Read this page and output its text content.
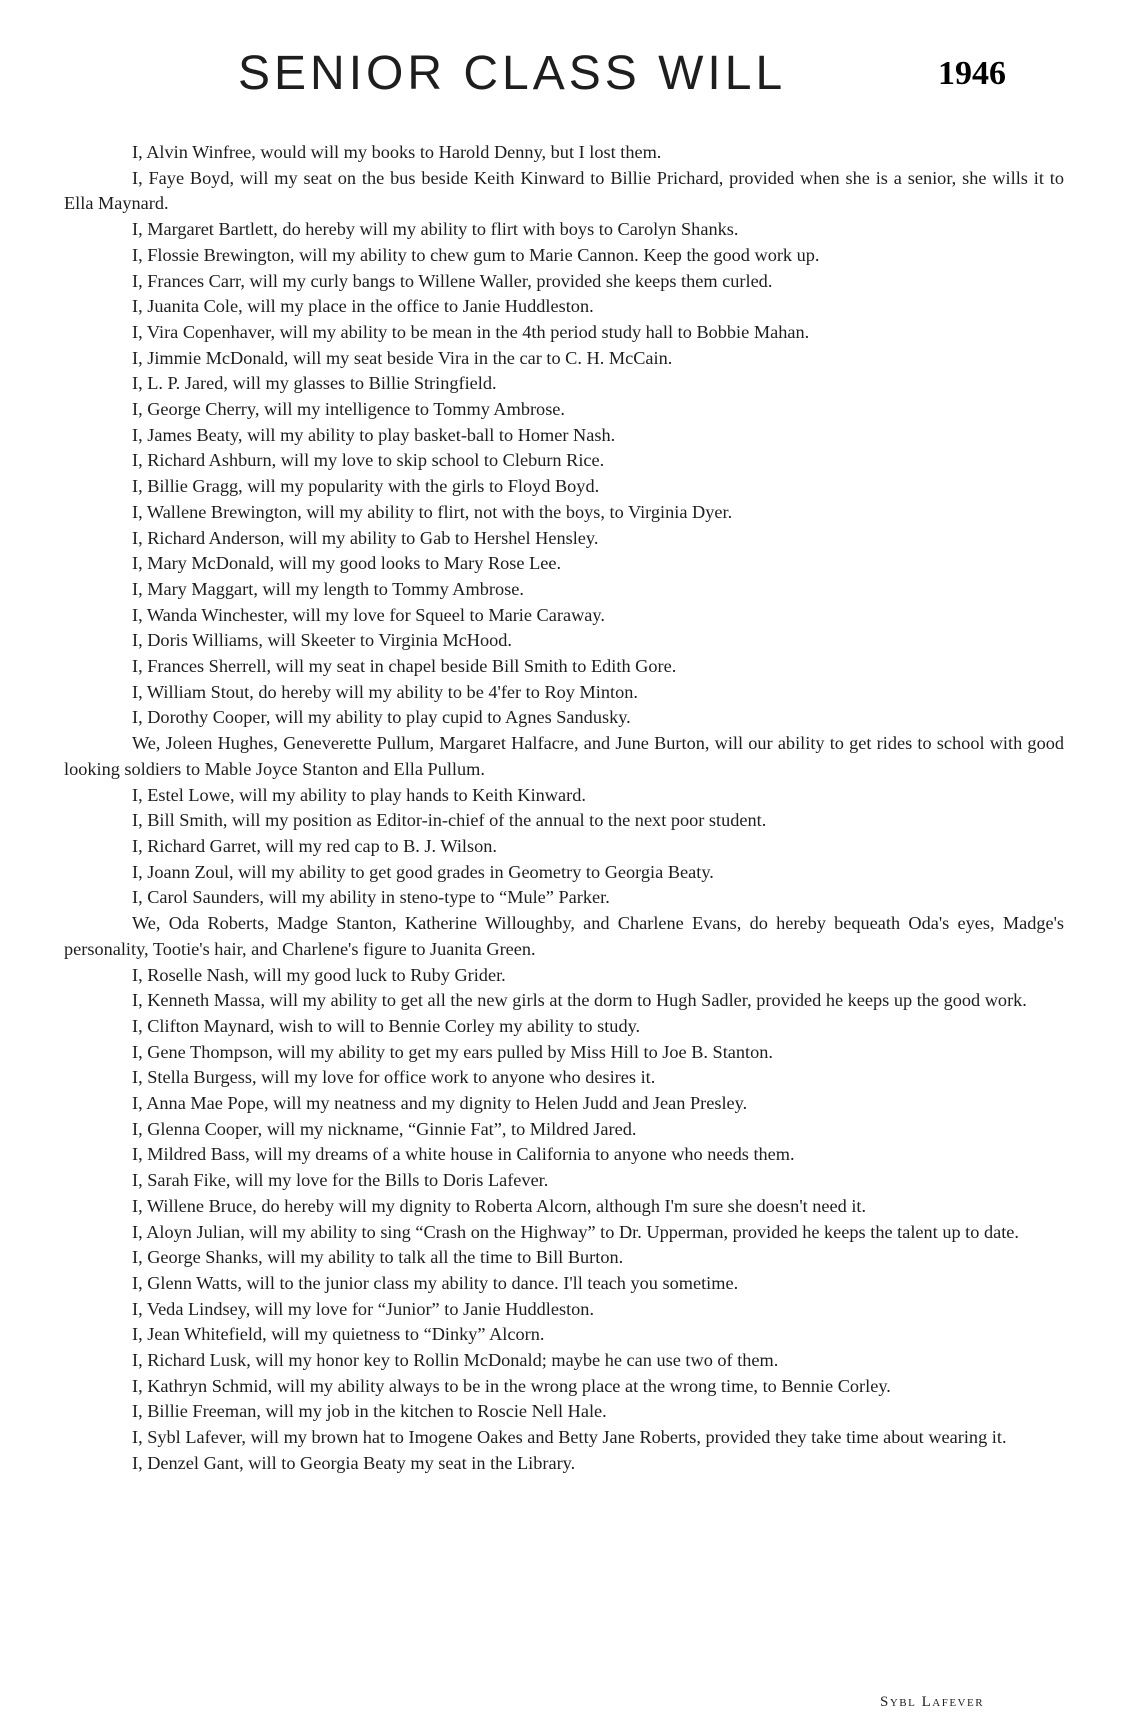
SENIOR CLASS WILL	1946
I, Alvin Winfree, would will my books to Harold Denny, but I lost them.
I, Faye Boyd, will my seat on the bus beside Keith Kinward to Billie Prichard, provided when she is a senior, she wills it to Ella Maynard.
I, Margaret Bartlett, do hereby will my ability to flirt with boys to Carolyn Shanks.
I, Flossie Brewington, will my ability to chew gum to Marie Cannon. Keep the good work up.
I, Frances Carr, will my curly bangs to Willene Waller, provided she keeps them curled.
I, Juanita Cole, will my place in the office to Janie Huddleston.
I, Vira Copenhaver, will my ability to be mean in the 4th period study hall to Bobbie Mahan.
I, Jimmie McDonald, will my seat beside Vira in the car to C. H. McCain.
I, L. P. Jared, will my glasses to Billie Stringfield.
I, George Cherry, will my intelligence to Tommy Ambrose.
I, James Beaty, will my ability to play basket-ball to Homer Nash.
I, Richard Ashburn, will my love to skip school to Cleburn Rice.
I, Billie Gragg, will my popularity with the girls to Floyd Boyd.
I, Wallene Brewington, will my ability to flirt, not with the boys, to Virginia Dyer.
I, Richard Anderson, will my ability to Gab to Hershel Hensley.
I, Mary McDonald, will my good looks to Mary Rose Lee.
I, Mary Maggart, will my length to Tommy Ambrose.
I, Wanda Winchester, will my love for Squeel to Marie Caraway.
I, Doris Williams, will Skeeter to Virginia McHood.
I, Frances Sherrell, will my seat in chapel beside Bill Smith to Edith Gore.
I, William Stout, do hereby will my ability to be 4'fer to Roy Minton.
I, Dorothy Cooper, will my ability to play cupid to Agnes Sandusky.
We, Joleen Hughes, Geneverette Pullum, Margaret Halfacre, and June Burton, will our ability to get rides to school with good looking soldiers to Mable Joyce Stanton and Ella Pullum.
I, Estel Lowe, will my ability to play hands to Keith Kinward.
I, Bill Smith, will my position as Editor-in-chief of the annual to the next poor student.
I, Richard Garret, will my red cap to B. J. Wilson.
I, Joann Zoul, will my ability to get good grades in Geometry to Georgia Beaty.
I, Carol Saunders, will my ability in steno-type to “Mule” Parker.
We, Oda Roberts, Madge Stanton, Katherine Willoughby, and Charlene Evans, do hereby bequeath Oda's eyes, Madge's personality, Tootie's hair, and Charlene's figure to Juanita Green.
I, Roselle Nash, will my good luck to Ruby Grider.
I, Kenneth Massa, will my ability to get all the new girls at the dorm to Hugh Sadler, provided he keeps up the good work.
I, Clifton Maynard, wish to will to Bennie Corley my ability to study.
I, Gene Thompson, will my ability to get my ears pulled by Miss Hill to Joe B. Stanton.
I, Stella Burgess, will my love for office work to anyone who desires it.
I, Anna Mae Pope, will my neatness and my dignity to Helen Judd and Jean Presley.
I, Glenna Cooper, will my nickname, “Ginnie Fat”, to Mildred Jared.
I, Mildred Bass, will my dreams of a white house in California to anyone who needs them.
I, Sarah Fike, will my love for the Bills to Doris Lafever.
I, Willene Bruce, do hereby will my dignity to Roberta Alcorn, although I'm sure she doesn't need it.
I, Aloyn Julian, will my ability to sing “Crash on the Highway” to Dr. Upperman, provided he keeps the talent up to date.
I, George Shanks, will my ability to talk all the time to Bill Burton.
I, Glenn Watts, will to the junior class my ability to dance. I'll teach you sometime.
I, Veda Lindsey, will my love for “Junior” to Janie Huddleston.
I, Jean Whitefield, will my quietness to “Dinky” Alcorn.
I, Richard Lusk, will my honor key to Rollin McDonald; maybe he can use two of them.
I, Kathryn Schmid, will my ability always to be in the wrong place at the wrong time, to Bennie Corley.
I, Billie Freeman, will my job in the kitchen to Roscie Nell Hale.
I, Sybl Lafever, will my brown hat to Imogene Oakes and Betty Jane Roberts, provided they take time about wearing it.
I, Denzel Gant, will to Georgia Beaty my seat in the Library.
Sybl Lafever
